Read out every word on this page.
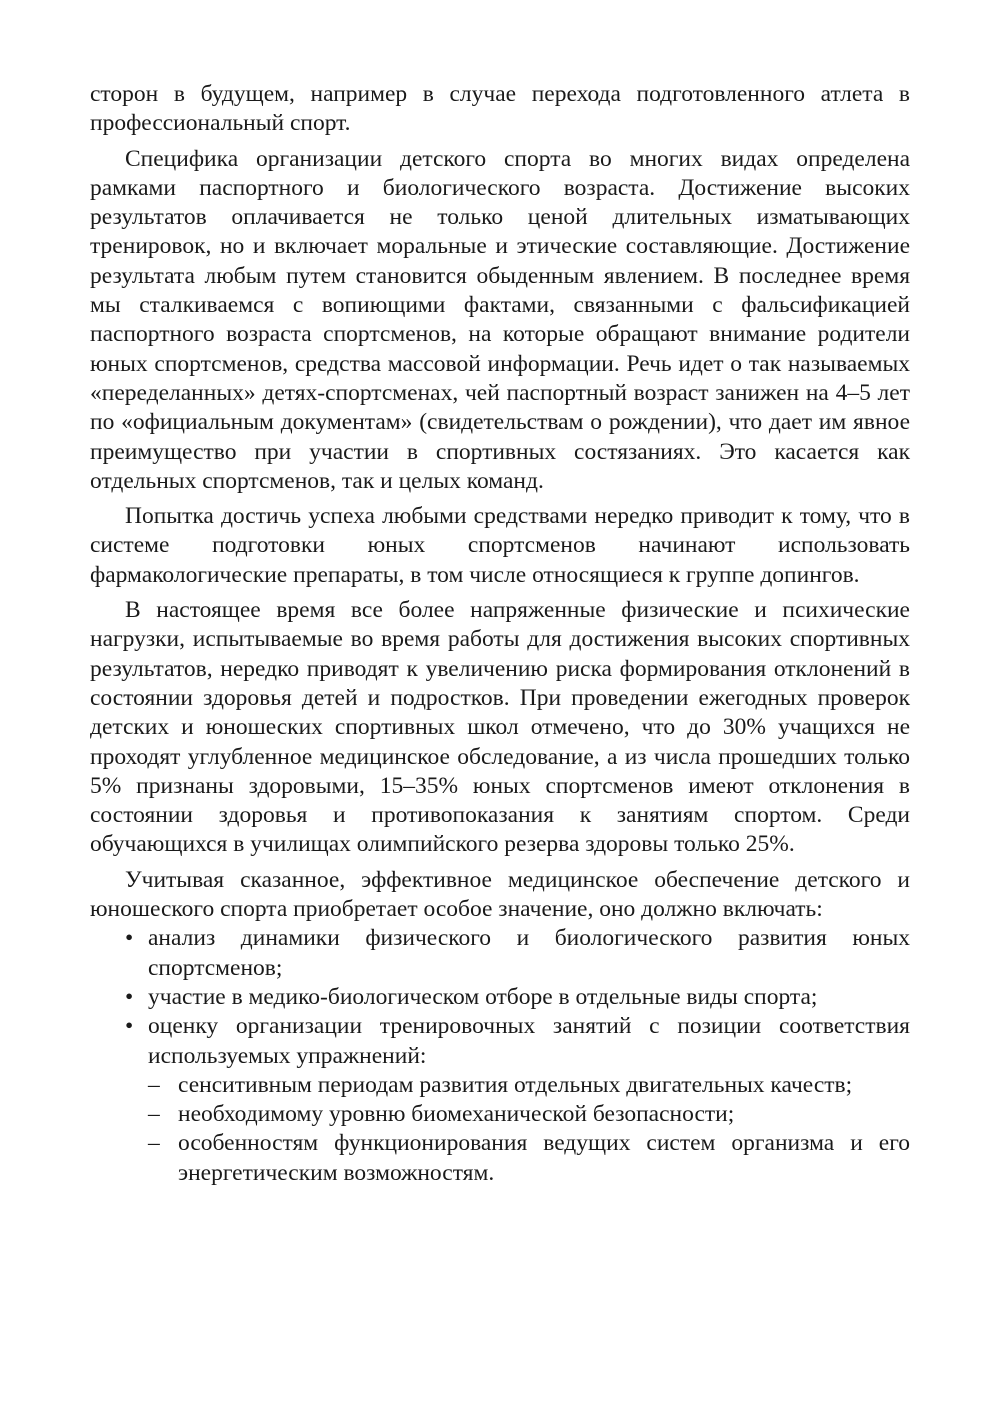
сторон в будущем, например в случае перехода подготовленного атлета в профессиональный спорт.

Специфика организации детского спорта во многих видах определена рамками паспортного и биологического возраста. Достижение высоких результатов оплачивается не только ценой длительных изматывающих тренировок, но и включает моральные и этические составляющие. Достижение результата любым путем становится обыденным явлением. В последнее время мы сталкиваемся с вопиющими фактами, связанными с фальсификацией паспортного возраста спортсменов, на которые обращают внимание родители юных спортсменов, средства массовой информации. Речь идет о так называемых «переделанных» детях-спортсменах, чей паспортный возраст занижен на 4–5 лет по «официальным документам» (свидетельствам о рождении), что дает им явное преимущество при участии в спортивных состязаниях. Это касается как отдельных спортсменов, так и целых команд.

Попытка достичь успеха любыми средствами нередко приводит к тому, что в системе подготовки юных спортсменов начинают использовать фармакологические препараты, в том числе относящиеся к группе допингов.

В настоящее время все более напряженные физические и психические нагрузки, испытываемые во время работы для достижения высоких спортивных результатов, нередко приводят к увеличению риска формирования отклонений в состоянии здоровья детей и подростков. При проведении ежегодных проверок детских и юношеских спортивных школ отмечено, что до 30% учащихся не проходят углубленное медицинское обследование, а из числа прошедших только 5% признаны здоровыми, 15–35% юных спортсменов имеют отклонения в состоянии здоровья и противопоказания к занятиям спортом. Среди обучающихся в училищах олимпийского резерва здоровы только 25%.

Учитывая сказанное, эффективное медицинское обеспечение детского и юношеского спорта приобретает особое значение, оно должно включать:

• анализ динамики физического и биологического развития юных спортсменов;
• участие в медико-биологическом отборе в отдельные виды спорта;
• оценку организации тренировочных занятий с позиции соответствия используемых упражнений:
– сенситивным периодам развития отдельных двигательных качеств;
– необходимому уровню биомеханической безопасности;
– особенностям функционирования ведущих систем организма и его энергетическим возможностям.
